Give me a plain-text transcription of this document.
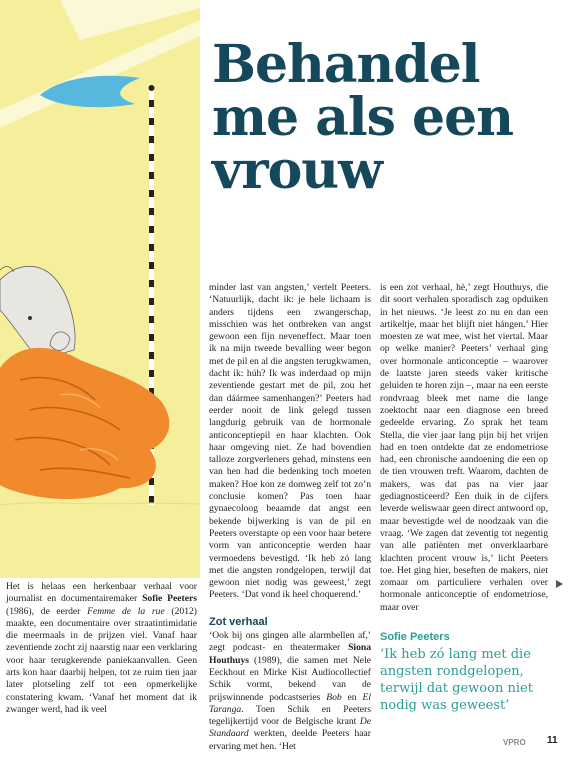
Behandel me als een vrouw

Het is helaas een herkenbaar verhaal voor journalist en documentairemaker Sofie Peeters (1986), de eerder Femme de la rue (2012) maakte, een documentaire over straatintimidatie die meermaals in de prijzen viel. Vanaf haar zeventiende zocht zij naarstig naar een verklaring voor haar terugkerende paniekaanvallen. Geen arts kon haar daarbij helpen, tot ze ruim tien jaar later plotseling zelf tot een opmerkelijke constatering kwam. ‘Vanaf het moment dat ik zwanger werd, had ik veel

minder last van angsten,’ vertelt Peeters. ‘Natuurlijk, dacht ik: je hele lichaam is anders tijdens een zwangerschap, misschien was het ontbreken van angst gewoon een fijn neveneffect. Maar toen ik na mijn tweede bevalling weer begon met de pil en al die angsten terugkwamen, dacht ik: húh? Ik was inderdaad op mijn zeventiende gestart met de pil, zou het dan dáármee samenhangen?’ Peeters had eerder nooit de link gelegd tussen langdurig gebruik van de hormonale anticonceptiepil en haar klachten. Ook haar omgeving niet. Ze had bovendien talloze zorgverleners gehad, minstens een van hen had die bedenking toch moeten maken? Hoe kon ze domweg zelf tot zo’n conclusie komen? Pas toen haar gynaecoloog beaamde dat angst een bekende bijwerking is van de pil en Peeters overstapte op een voor haar betere vorm van anticonceptie werden haar vermoedens bevestigd. ‘Ik heb zó lang met die angsten rondgelopen, terwijl dat gewoon niet nodig was geweest,’ zegt Peeters. ‘Dat vond ik heel choquerend.’

Zot verhaal

‘Ook bij ons gingen alle alarmbellen af,’ zegt podcast- en theatermaker Siona Houthuys (1989), die samen met Nele Eeckhout en Mirke Kist Audiocollectief Schik vormt, bekend van de prijswinnende podcastseries Bob en El Taranga. Toen Schik en Peeters tegelijkertijd voor de Belgische krant De Standaard werkten, deelde Peeters haar ervaring met hen. ‘Het

is een zot verhaal, hè,’ zegt Houthuys, die dit soort verhalen sporadisch zag opduiken in het nieuws. ‘Je leest zo nu en dan een artikeltje, maar het blijft niet hángen.’ Hier moesten ze wat mee, wist het viertal. Maar op welke manier? Peeters’ verhaal ging over hormonale anticonceptie – waarover de laatste jaren steeds vaker kritische geluiden te horen zijn –, maar na een eerste rondvraag bleek met name die lange zoektocht naar een diagnose een breed gedeelde ervaring. Zo sprak het team Stella, die vier jaar lang pijn bij het vrijen had en toen ontdekte dat ze endometriose had, een chronische aandoening die een op de tien vrouwen treft. Waarom, dachten de makers, was dat pas na vier jaar gediagnosticeerd? Een duik in de cijfers leverde weliswaar geen direct antwoord op, maar bevestigde wel de noodzaak van die vraag. ‘We zagen dat zeventig tot negentig van alle patiënten met onverklaarbare klachten procent vrouw is,’ licht Peeters toe. Het ging hier, beseften de makers, niet zomaar om particuliere verhalen over hormonale anticonceptie of endometriose, maar over

Sofie Peeters
‘Ik heb zó lang met die angsten rondgelopen, terwijl dat gewoon niet nodig was geweest’
VPRO 11
